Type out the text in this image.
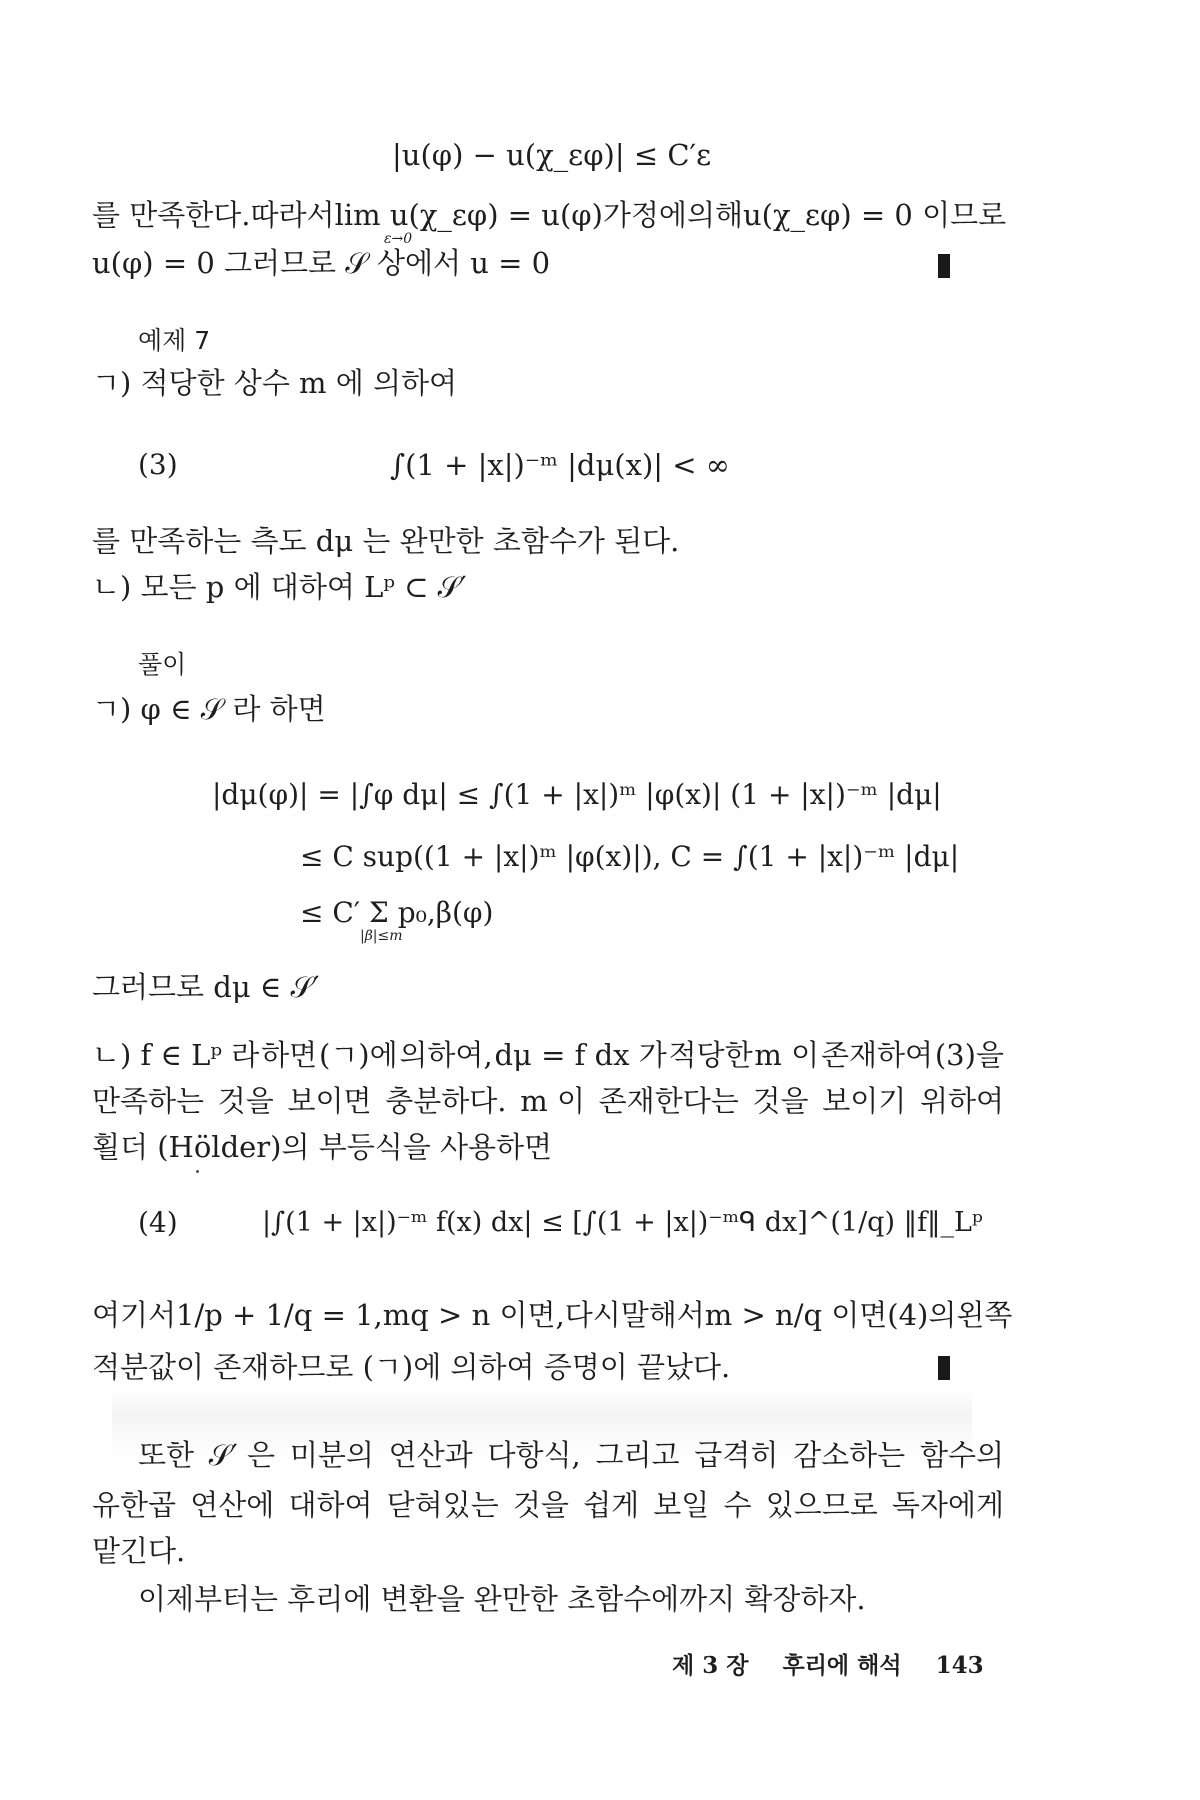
|u(φ) − u(χ_εφ)| ≤ C′ε
를 만족한다. 따라서 lim u(χ_εφ) = u(φ) 가정에 의해 u(χ_εφ) = 0 이므로
ε→0
u(φ) = 0 그러므로 𝒮 상에서 u = 0
예제 7
ㄱ) 적당한 상수 m 에 의하여
(3)	∫(1 + |x|)⁻ᵐ |dμ(x)| < ∞
를 만족하는 측도 dμ 는 완만한 초함수가 된다.
ㄴ) 모든 p 에 대하여 Lᵖ ⊂ 𝒮′
풀이
ㄱ) φ ∈ 𝒮 라 하면
|dμ(φ)| = |∫φ dμ| ≤ ∫(1 + |x|)ᵐ |φ(x)| (1 + |x|)⁻ᵐ |dμ|
≤ C sup((1 + |x|)ᵐ |φ(x)|), C = ∫(1 + |x|)⁻ᵐ |dμ|
≤ C′ Σ p₀,β(φ)
|β|≤m
그러므로 dμ ∈ 𝒮′
ㄴ) f ∈ Lᵖ 라 하면 (ㄱ)에 의하여, dμ = f dx 가 적당한 m 이 존재하여 (3)을
만족하는 것을 보이면 충분하다. m 이 존재한다는 것을 보이기 위하여
횔더 (Hölder)의 부등식을 사용하면
(4)	|∫(1 + |x|)⁻ᵐ f(x) dx| ≤ [∫(1 + |x|)⁻ᵐᑫ dx]^(1/q) ‖f‖_Lᵖ
여기서 1/p + 1/q = 1, mq > n 이면, 다시 말해서 m > n/q 이면 (4)의 왼쪽
적분값이 존재하므로 (ㄱ)에 의하여 증명이 끝났다.
또한 𝒮′ 은 미분의 연산과 다항식, 그리고 급격히 감소하는 함수의
유한곱 연산에 대하여 닫혀있는 것을 쉽게 보일 수 있으므로 독자에게
맡긴다.
이제부터는 후리에 변환을 완만한 초함수에까지 확장하자.
제 3 장 후리에 해석 143
